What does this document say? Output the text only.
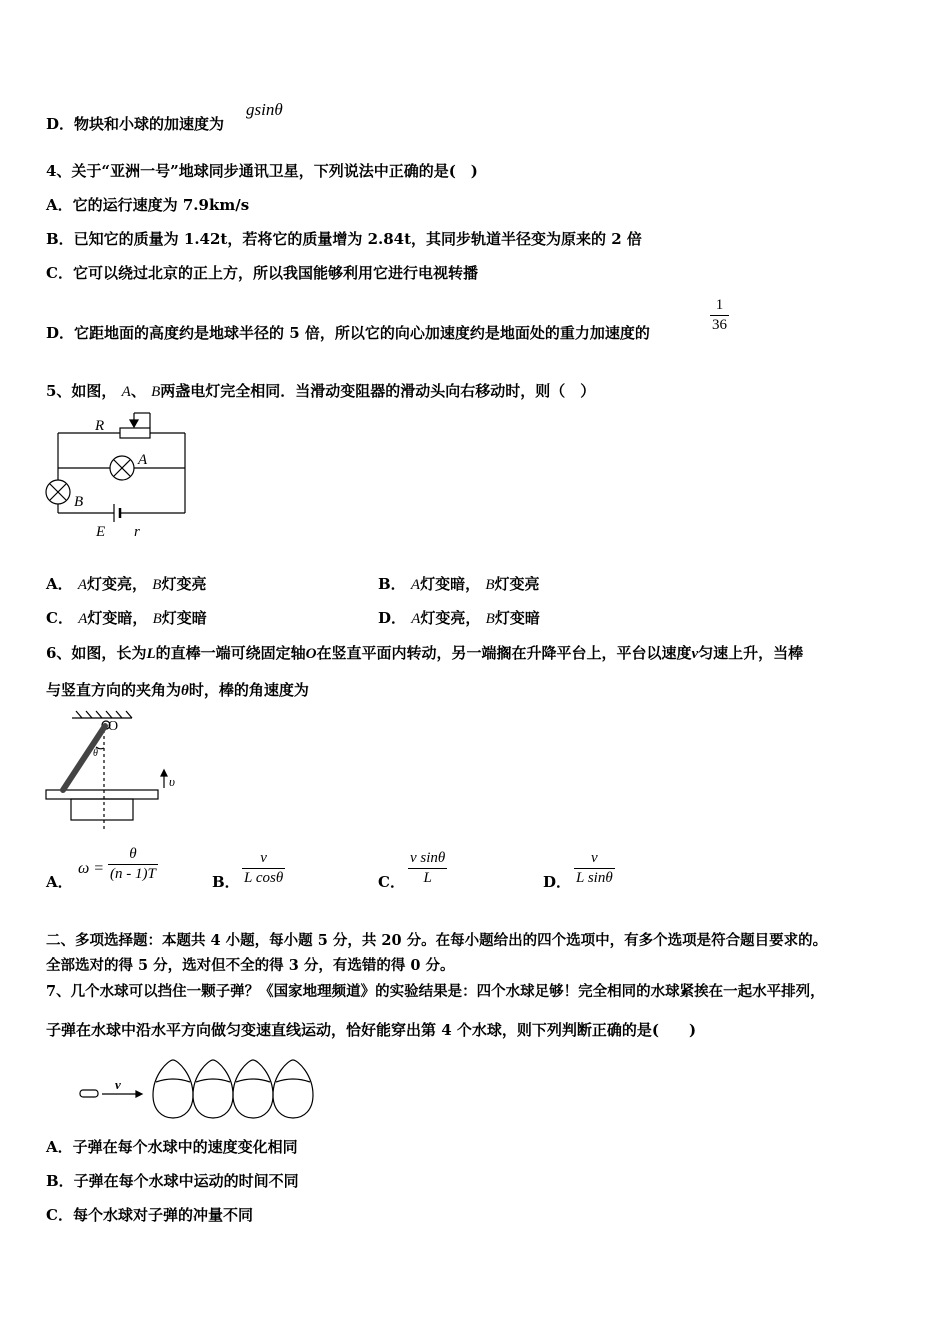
D．物块和小球的加速度为
gsinθ
4、关于“亚洲一号”地球同步通讯卫星，下列说法中正确的是(　)
A．它的运行速度为 7.9km/s
B．已知它的质量为 1.42t，若将它的质量增为 2.84t，其同步轨道半径变为原来的 2 倍
C．它可以绕过北京的正上方，所以我国能够利用它进行电视转播
D．它距地面的高度约是地球半径的 5 倍，所以它的向心加速度约是地面处的重力加速度的
1
36
5、如图， A、 B两盏电灯完全相同．当滑动变阻器的滑动头向右移动时，则（　）
R
A
B
E r
A． A灯变亮， B灯变亮	B． A灯变暗， B灯变亮
C． A灯变暗， B灯变暗	D． A灯变亮， B灯变暗
6、如图，长为L的直棒一端可绕固定轴O在竖直平面内转动，另一端搁在升降平台上，平台以速度v匀速上升，当棒
与竖直方向的夹角为θ时，棒的角速度为
O
θ
υ
A．
ω =
θ
(n - 1)T	B．
v
L cosθ	C．
v sinθ
L	D．
v
L sinθ
二、多项选择题：本题共 4 小题，每小题 5 分，共 20 分。在每小题给出的四个选项中，有多个选项是符合题目要求的。
全部选对的得 5 分，选对但不全的得 3 分，有选错的得 0 分。
7、几个水球可以挡住一颗子弹？《国家地理频道》的实验结果是：四个水球足够！完全相同的水球紧挨在一起水平排列，
子弹在水球中沿水平方向做匀变速直线运动，恰好能穿出第 4 个水球，则下列判断正确的是(　　)
v
A．子弹在每个水球中的速度变化相同
B．子弹在每个水球中运动的时间不同
C．每个水球对子弹的冲量不同
